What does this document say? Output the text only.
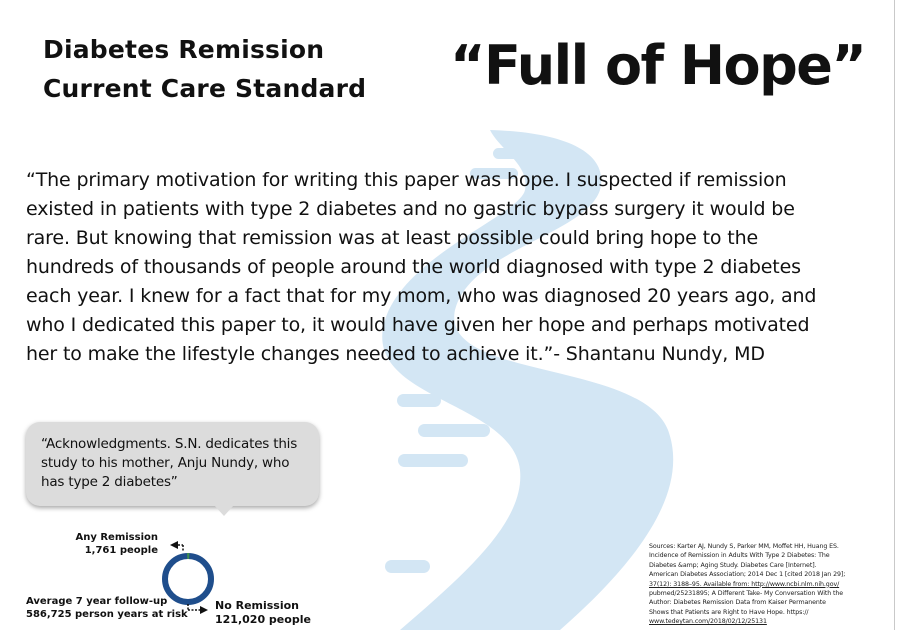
Diabetes Remission
Current Care Standard	“Full of Hope”
“The primary motivation for writing this paper was hope. I suspected if remission
existed in patients with type 2 diabetes and no gastric bypass surgery it would be
rare. But knowing that remission was at least possible could bring hope to the
hundreds of thousands of people around the world diagnosed with type 2 diabetes
each year. I knew for a fact that for my mom, who was diagnosed 20 years ago, and
who I dedicated this paper to, it would have given her hope and perhaps motivated
her to make the lifestyle changes needed to achieve it.”- Shantanu Nundy, MD
“Acknowledgments. S.N. dedicates this
study to his mother, Anju Nundy, who
has type 2 diabetes”
Any Remission
1,761 people
Average 7 year follow-up
586,725 person years at risk
No Remission
121,020 people
Sources: Karter AJ, Nundy S, Parker MM, Moffet HH, Huang ES.
Incidence of Remission in Adults With Type 2 Diabetes: The
Diabetes &amp; Aging Study. Diabetes Care [Internet].
American Diabetes Association; 2014 Dec 1 [cited 2018 Jan 29];
37(12): 3188–95. Available from: http://www.ncbi.nlm.nih.gov/
pubmed/25231895; A Different Take- My Conversation With the
Author: Diabetes Remission Data from Kaiser Permanente
Shows that Patients are Right to Have Hope. https://
www.tedeytan.com/2018/02/12/25131
